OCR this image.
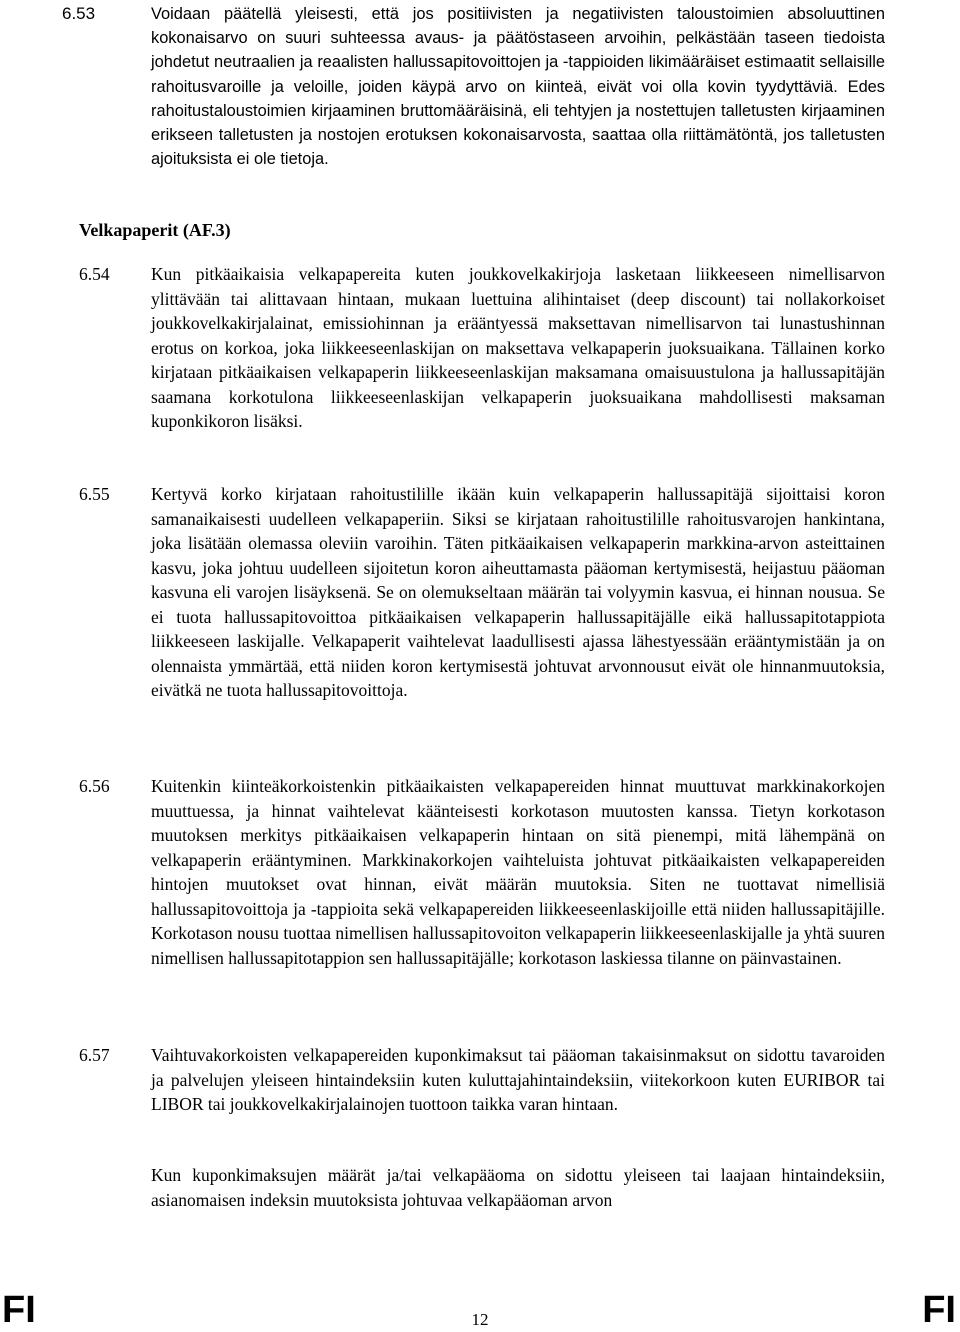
6.53	Voidaan päätellä yleisesti, että jos positiivisten ja negatiivisten taloustoimien absoluuttinen kokonaisarvo on suuri suhteessa avaus- ja päätöstaseen arvoihin, pelkästään taseen tiedoista johdetut neutraalien ja reaalisten hallussapitovoittojen ja -tappioiden likimääräiset estimaatit sellaisille rahoitusvaroille ja veloille, joiden käypä arvo on kiinteä, eivät voi olla kovin tyydyttäviä. Edes rahoitustaloustoimien kirjaaminen bruttomääräisinä, eli tehtyjen ja nostettujen talletusten kirjaaminen erikseen talletusten ja nostojen erotuksen kokonaisarvosta, saattaa olla riittämätöntä, jos talletusten ajoituksista ei ole tietoja.
Velkapaperit (AF.3)
6.54 Kun pitkäaikaisia velkapapereita kuten joukkovelkakirjoja lasketaan liikkeeseen nimellisarvon ylittävään tai alittavaan hintaan, mukaan luettuina alihintaiset (deep discount) tai nollakorkoiset joukkovelkakirjalainat, emissiohinnan ja erääntyessä maksettavan nimellisarvon tai lunastushinnan erotus on korkoa, joka liikkeeseenlaskijan on maksettava velkapaperin juoksuaikana. Tällainen korko kirjataan pitkäaikaisen velkapaperin liikkeeseenlaskijan maksamana omaisuustulona ja hallussapitäjän saamana korkotulona liikkeeseenlaskijan velkapaperin juoksuaikana mahdollisesti maksaman kuponkikoron lisäksi.
6.55 Kertyvä korko kirjataan rahoitustilille ikään kuin velkapaperin hallussapitäjä sijoittaisi koron samanaikaisesti uudelleen velkapaperiin. Siksi se kirjataan rahoitustilille rahoitusvarojen hankintana, joka lisätään olemassa oleviin varoihin. Täten pitkäaikaisen velkapaperin markkina-arvon asteittainen kasvu, joka johtuu uudelleen sijoitetun koron aiheuttamasta pääoman kertymisestä, heijastuu pääoman kasvuna eli varojen lisäyksenä. Se on olemukseltaan määrän tai volyymin kasvua, ei hinnan nousua. Se ei tuota hallussapitovoittoa pitkäaikaisen velkapaperin hallussapitäjälle eikä hallussapitotappiota liikkeeseen laskijalle. Velkapaperit vaihtelevat laadullisesti ajassa lähestyessään erääntymistään ja on olennaista ymmärtää, että niiden koron kertymisestä johtuvat arvonnousut eivät ole hinnanmuutoksia, eivätkä ne tuota hallussapitovoittoja.
6.56 Kuitenkin kiinteäkorkoistenkin pitkäaikaisten velkapapereiden hinnat muuttuvat markkinakorkojen muuttuessa, ja hinnat vaihtelevat käänteisesti korkotason muutosten kanssa. Tietyn korkotason muutoksen merkitys pitkäaikaisen velkapaperin hintaan on sitä pienempi, mitä lähempänä on velkapaperin erääntyminen. Markkinakorkojen vaihteluista johtuvat pitkäaikaisten velkapapereiden hintojen muutokset ovat hinnan, eivät määrän muutoksia. Siten ne tuottavat nimellisiä hallussapitovoittoja ja -tappioita sekä velkapapereiden liikkeeseenlaskijoille että niiden hallussapitäjille. Korkotason nousu tuottaa nimellisen hallussapitovoiton velkapaperin liikkeeseenlaskijalle ja yhtä suuren nimellisen hallussapitotappion sen hallussapitäjälle; korkotason laskiessa tilanne on päinvastainen.
6.57 Vaihtuvakorkoisten velkapapereiden kuponkimaksut tai pääoman takaisinmaksut on sidottu tavaroiden ja palvelujen yleiseen hintaindeksiin kuten kuluttajahintaindeksiin, viitekorkoon kuten EURIBOR tai LIBOR tai joukkovelkakirjalainojen tuottoon taikka varan hintaan.
Kun kuponkimaksujen määrät ja/tai velkapääoma on sidottu yleiseen tai laajaan hintaindeksiin, asianomaisen indeksin muutoksista johtuvaa velkapääoman arvon
FI	12	FI
